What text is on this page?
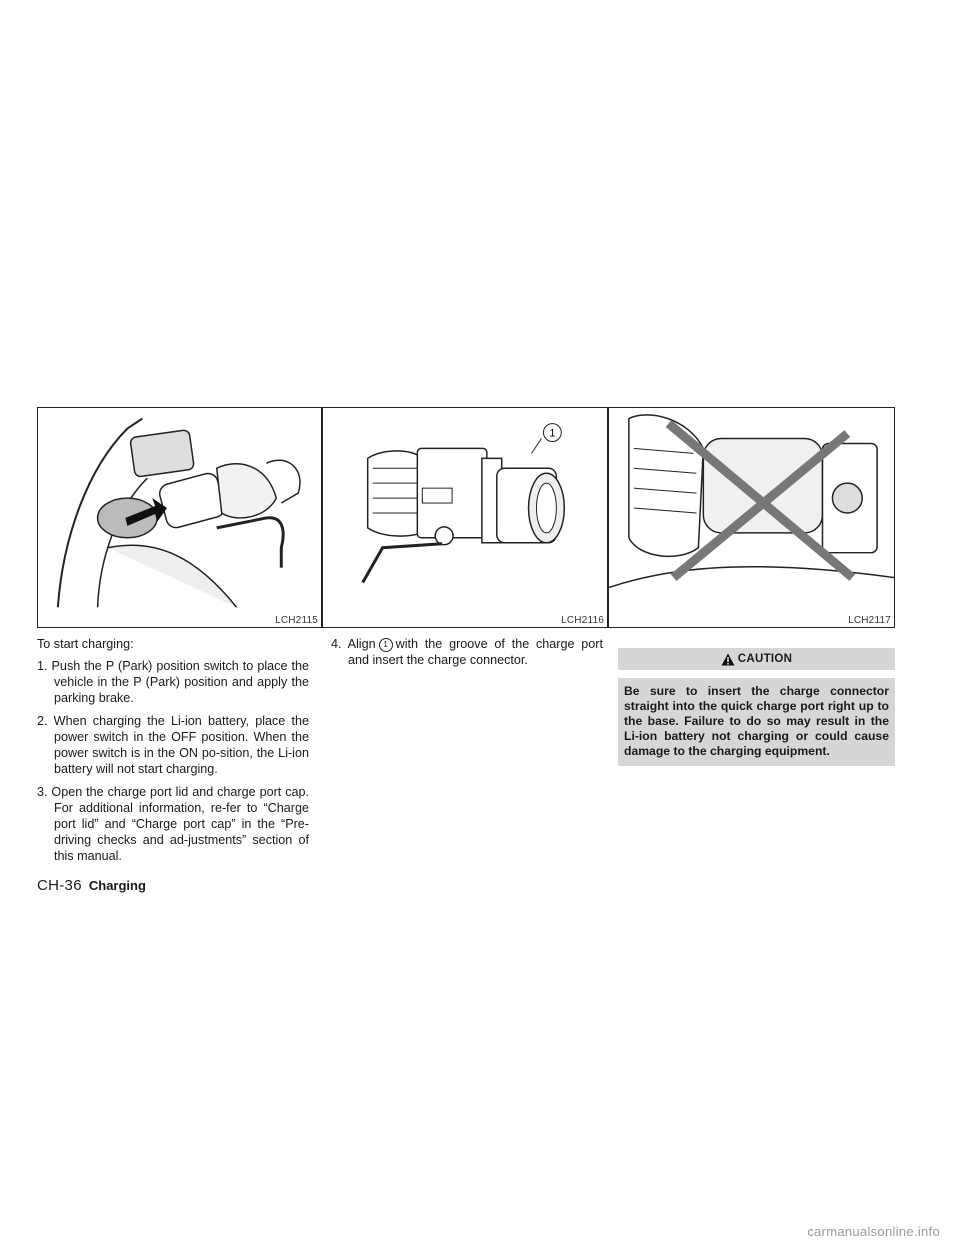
LCH2115
1
LCH2116	LCH2117

To start charging:

1. Push the P (Park) position switch to place the vehicle in the P (Park) position and apply the parking brake.

2. When charging the Li-ion battery, place the power switch in the OFF position. When the power switch is in the ON po-sition, the Li-ion battery will not start charging.

3. Open the charge port lid and charge port cap. For additional information, re-fer to “Charge port lid” and “Charge port cap” in the “Pre-driving checks and ad-justments” section of this manual.

4. Align 1 with the groove of the charge port and insert the charge connector.	CAUTION
Be sure to insert the charge connector straight into the quick charge port right up to the base. Failure to do so may result in the Li-ion battery not charging or could cause damage to the charging equipment.
CH-36 Charging
carmanualsonline.info
